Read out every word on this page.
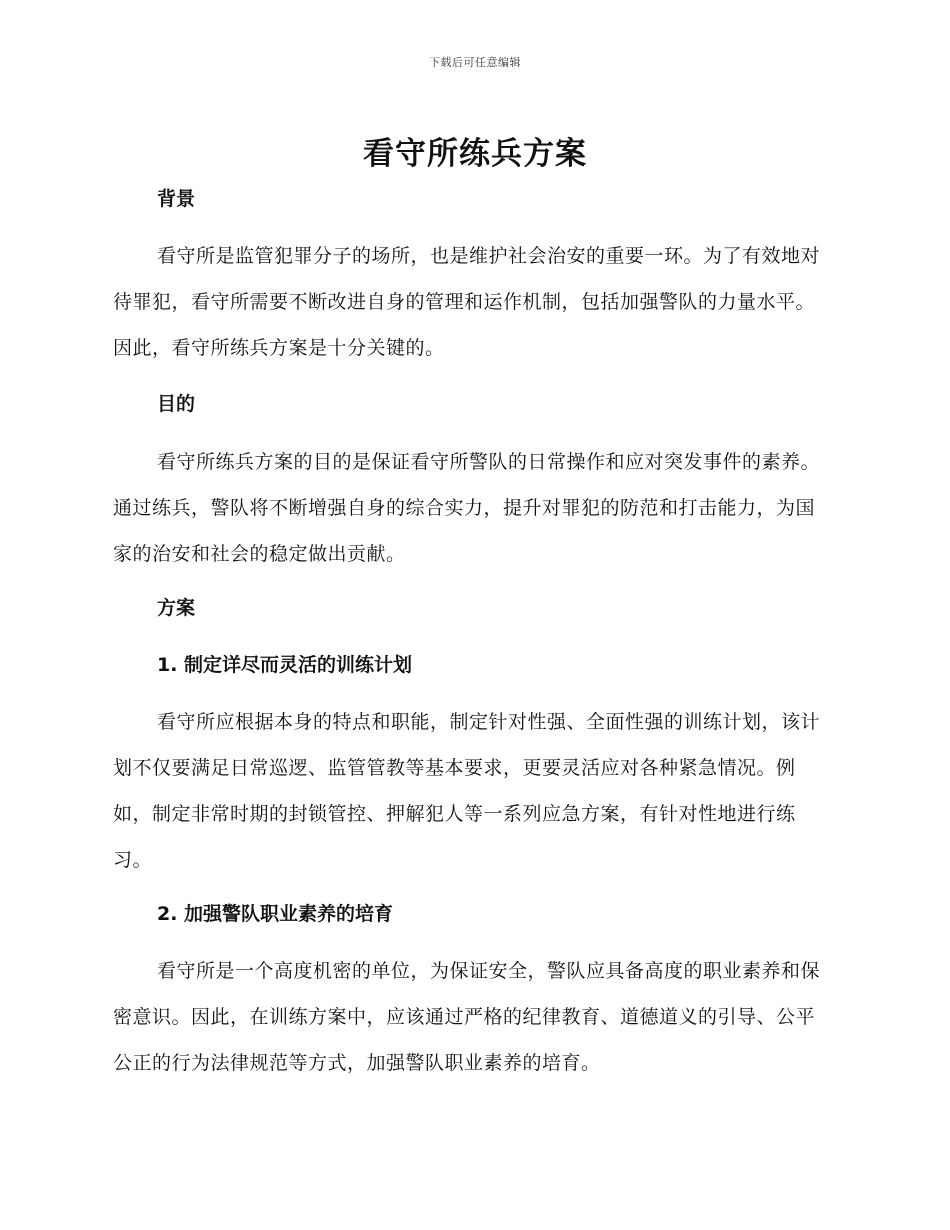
下载后可任意编辑
看守所练兵方案
背景

看守所是监管犯罪分子的场所，也是维护社会治安的重要一环。为了有效地对待罪犯，看守所需要不断改进自身的管理和运作机制，包括加强警队的力量水平。因此，看守所练兵方案是十分关键的。

目的

看守所练兵方案的目的是保证看守所警队的日常操作和应对突发事件的素养。通过练兵，警队将不断增强自身的综合实力，提升对罪犯的防范和打击能力，为国家的治安和社会的稳定做出贡献。

方案
1. 制定详尽而灵活的训练计划

看守所应根据本身的特点和职能，制定针对性强、全面性强的训练计划，该计划不仅要满足日常巡逻、监管管教等基本要求，更要灵活应对各种紧急情况。例如，制定非常时期的封锁管控、押解犯人等一系列应急方案，有针对性地进行练习。

2. 加强警队职业素养的培育

看守所是一个高度机密的单位，为保证安全，警队应具备高度的职业素养和保密意识。因此，在训练方案中，应该通过严格的纪律教育、道德道义的引导、公平公正的行为法律规范等方式，加强警队职业素养的培育。
